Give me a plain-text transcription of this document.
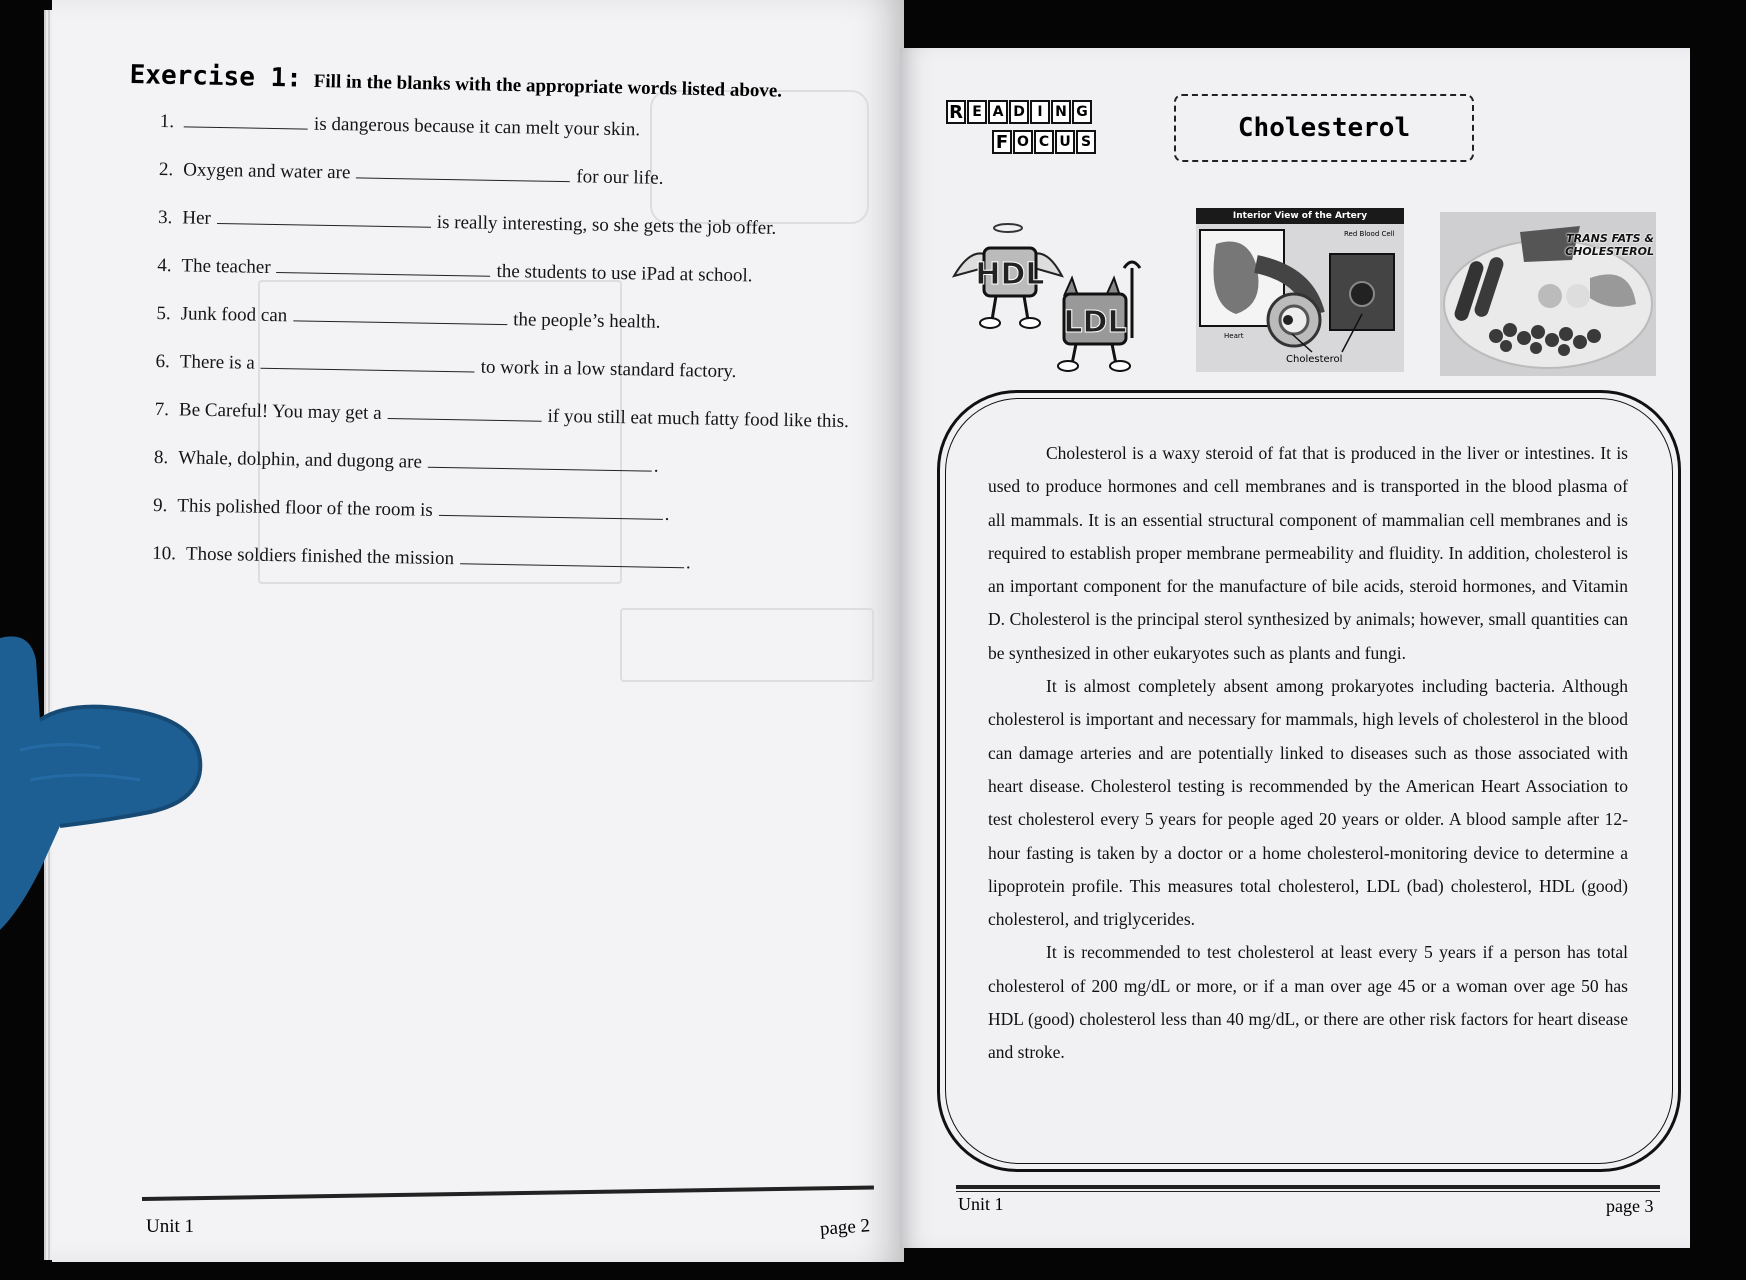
Exercise 1: Fill in the blanks with the appropriate words listed above.
1.	is dangerous because it can melt your skin.
2. Oxygen and water are	for our life.
3. Her	is really interesting, so she gets the job offer.
4. The teacher	the students to use iPad at school.
5. Junk food can	the people’s health.
6. There is a	to work in a low standard factory.
7. Be Careful! You may get a	if you still eat much fatty food like this.
8. Whale, dolphin, and dugong are	.
9. This polished floor of the room is	.
10. Those soldiers finished the mission	.
Unit 1	page 2
R E A D I N G
F O C U S	Cholesterol
HDL
LDL
Interior View of the Artery
Red Blood Cell
Heart
Cholesterol
TRANS FATS & CHOLESTEROL

Cholesterol is a waxy steroid of fat that is produced in the liver or intestines. It is used to produce hormones and cell membranes and is transported in the blood plasma of all mammals. It is an essential structural component of mammalian cell membranes and is required to establish proper membrane permeability and fluidity. In addition, cholesterol is an important component for the manufacture of bile acids, steroid hormones, and Vitamin D. Cholesterol is the principal sterol synthesized by animals; however, small quantities can be synthesized in other eukaryotes such as plants and fungi.

It is almost completely absent among prokaryotes including bacteria. Although cholesterol is important and necessary for mammals, high levels of cholesterol in the blood can damage arteries and are potentially linked to diseases such as those associated with heart disease. Cholesterol testing is recommended by the American Heart Association to test cholesterol every 5 years for people aged 20 years or older. A blood sample after 12-hour fasting is taken by a doctor or a home cholesterol-monitoring device to determine a lipoprotein profile. This measures total cholesterol, LDL (bad) cholesterol, HDL (good) cholesterol, and triglycerides.

It is recommended to test cholesterol at least every 5 years if a person has total cholesterol of 200 mg/dL or more, or if a man over age 45 or a woman over age 50 has HDL (good) cholesterol less than 40 mg/dL, or there are other risk factors for heart disease and stroke.

Unit 1	page 3
